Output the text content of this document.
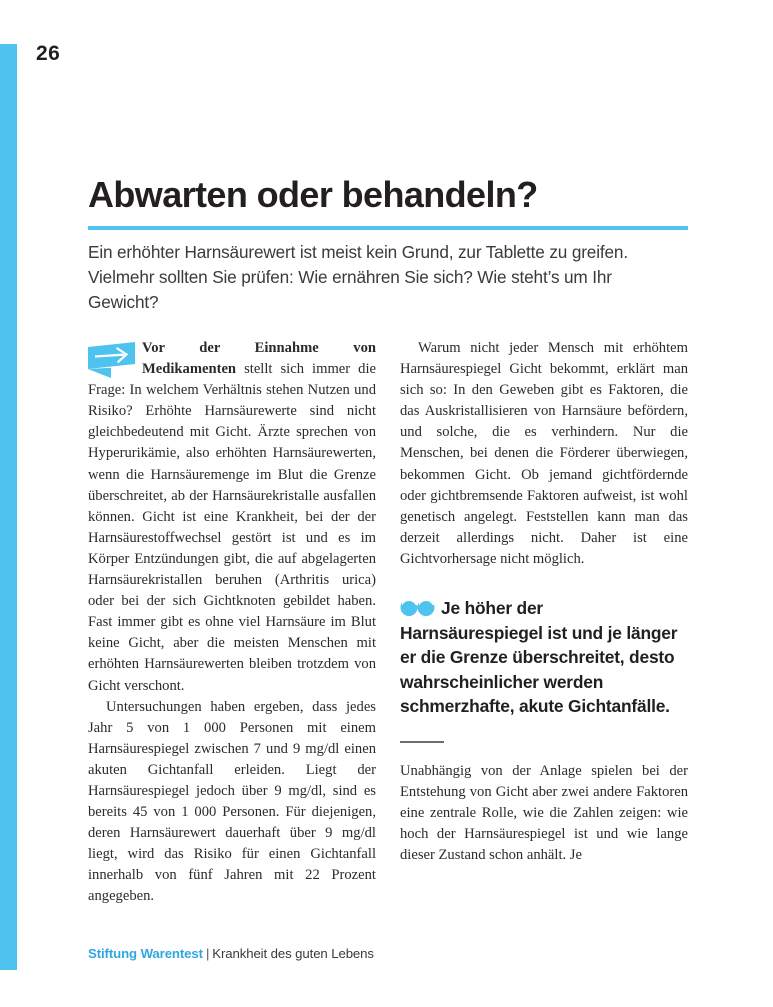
26
Abwarten oder behandeln?

Ein erhöhter Harnsäurewert ist meist kein Grund, zur Tablette zu greifen. Vielmehr sollten Sie prüfen: Wie ernähren Sie sich? Wie steht’s um Ihr Gewicht?

Vor der Einnahme von Medikamenten stellt sich immer die Frage: In welchem Verhältnis stehen Nutzen und Risiko? Erhöhte Harnsäurewerte sind nicht gleichbedeutend mit Gicht. Ärzte sprechen von Hyperurikämie, also erhöhten Harnsäurewerten, wenn die Harnsäuremenge im Blut die Grenze überschreitet, ab der Harnsäurekristalle ausfallen können. Gicht ist eine Krankheit, bei der der Harnsäurestoffwechsel gestört ist und es im Körper Entzündungen gibt, die auf abgelagerten Harnsäurekristallen beruhen (Arthritis urica) oder bei der sich Gichtknoten gebildet haben. Fast immer gibt es ohne viel Harnsäure im Blut keine Gicht, aber die meisten Menschen mit erhöhten Harnsäurewerten bleiben trotzdem von Gicht verschont.

Untersuchungen haben ergeben, dass jedes Jahr 5 von 1 000 Personen mit einem Harnsäurespiegel zwischen 7 und 9 mg/dl einen akuten Gichtanfall erleiden. Liegt der Harnsäurespiegel jedoch über 9 mg/dl, sind es bereits 45 von 1 000 Personen. Für diejenigen, deren Harnsäurewert dauerhaft über 9 mg/dl liegt, wird das Risiko für einen Gichtanfall innerhalb von fünf Jahren mit 22 Prozent angegeben.

Warum nicht jeder Mensch mit erhöhtem Harnsäurespiegel Gicht bekommt, erklärt man sich so: In den Geweben gibt es Faktoren, die das Auskristallisieren von Harnsäure befördern, und solche, die es verhindern. Nur die Menschen, bei denen die Förderer überwiegen, bekommen Gicht. Ob jemand gichtfördernde oder gichtbremsende Faktoren aufweist, ist wohl genetisch angelegt. Feststellen kann man das derzeit allerdings nicht. Daher ist eine Gichtvorhersage nicht möglich.

Je höher der Harnsäurespiegel ist und je länger er die Grenze überschreitet, desto wahrscheinlicher werden schmerzhafte, akute Gichtanfälle.

Unabhängig von der Anlage spielen bei der Entstehung von Gicht aber zwei andere Faktoren eine zentrale Rolle, wie die Zahlen zeigen: wie hoch der Harnsäurespiegel ist und wie lange dieser Zustand schon anhält. Je

Stiftung Warentest | Krankheit des guten Lebens
